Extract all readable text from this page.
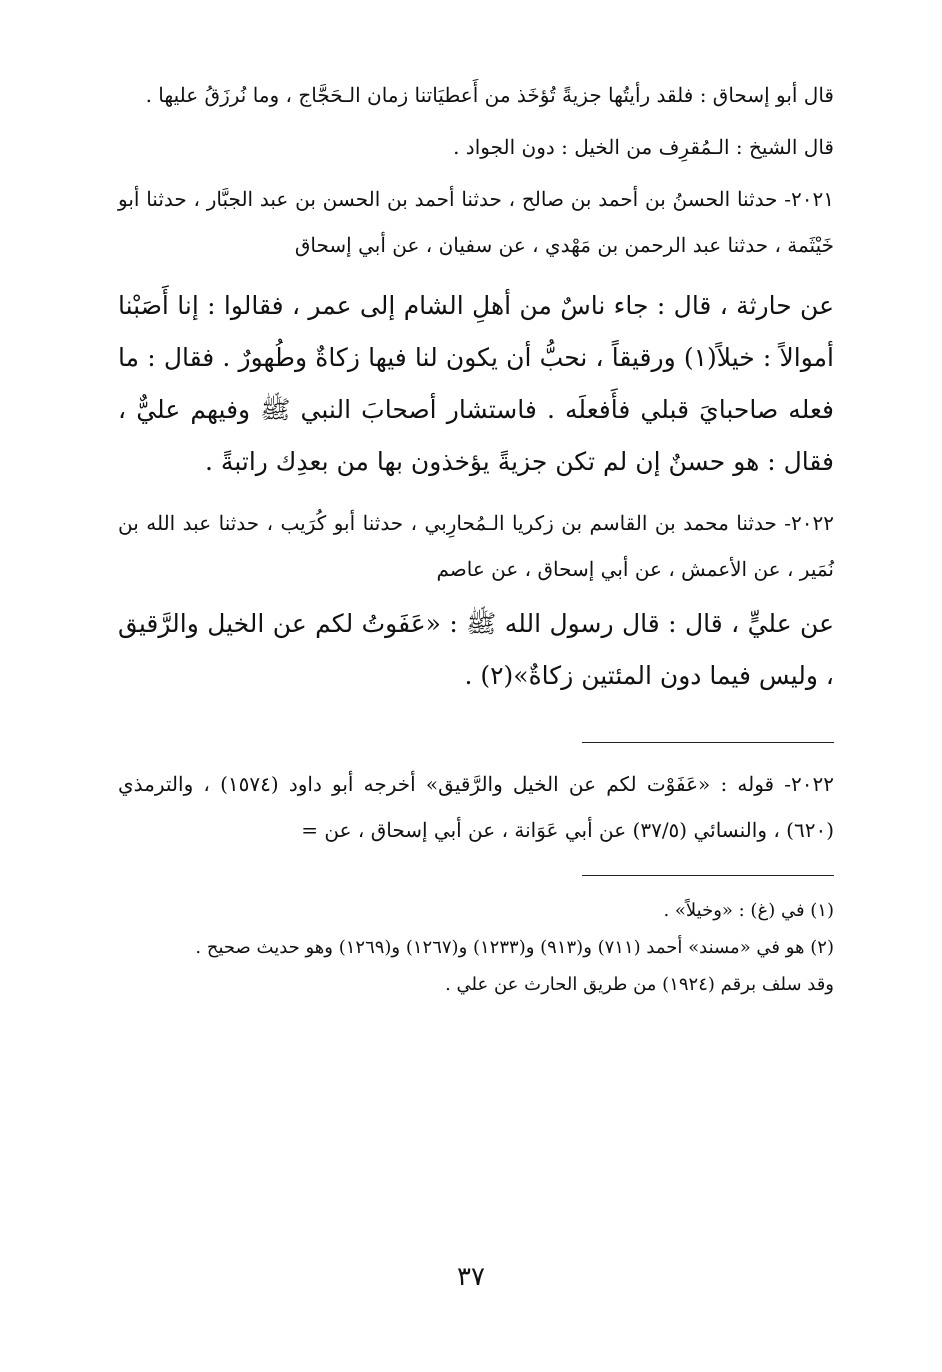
قال أبو إسحاق : فلقد رأيتُها جزيةً تُؤخَذ من أَعطيَاتنا زمان الـحَجَّاج ، وما نُرزَقُ عليها .

قال الشيخ : الـمُقرِف من الخيل : دون الجواد .

٢٠٢١- حدثنا الحسنُ بن أحمد بن صالح ، حدثنا أحمد بن الحسن بن عبد الجبَّار ، حدثنا أبو خَيْثَمة ، حدثنا عبد الرحمن بن مَهْدي ، عن سفيان ، عن أبي إسحاق

عن حارثة ، قال : جاء ناسٌ من أهلِ الشام إلى عمر ، فقالوا : إنا أَصَبْنا أموالاً : خيلاً(١) ورقيقاً ، نحبُّ أن يكون لنا فيها زكاةٌ وطُهورٌ . فقال : ما فعله صاحبايَ قبلي فأَفعلَه . فاستشار أصحابَ النبي ﷺ وفيهم عليٌّ ، فقال : هو حسنٌ إن لم تكن جزيةً يؤخذون بها من بعدِك راتبةً .

٢٠٢٢- حدثنا محمد بن القاسم بن زكريا الـمُحارِبي ، حدثنا أبو كُرَيب ، حدثنا عبد الله بن نُمَير ، عن الأعمش ، عن أبي إسحاق ، عن عاصم

عن عليٍّ ، قال : قال رسول الله ﷺ : «عَفَوتُ لكم عن الخيل والرَّقيق ، وليس فيما دون المئتين زكاةٌ»(٢) .

٢٠٢٢- قوله : «عَفَوْت لكم عن الخيل والرَّقيق» أخرجه أبو داود (١٥٧٤) ، والترمذي (٦٢٠) ، والنسائي (٣٧/٥) عن أبي عَوَانة ، عن أبي إسحاق ، عن =

(١) في (غ) : «وخيلاً» .
(٢) هو في «مسند» أحمد (٧١١) و(٩١٣) و(١٢٣٣) و(١٢٦٧) و(١٢٦٩) وهو حديث صحيح .
وقد سلف برقم (١٩٢٤) من طريق الحارث عن علي .
٣٧
